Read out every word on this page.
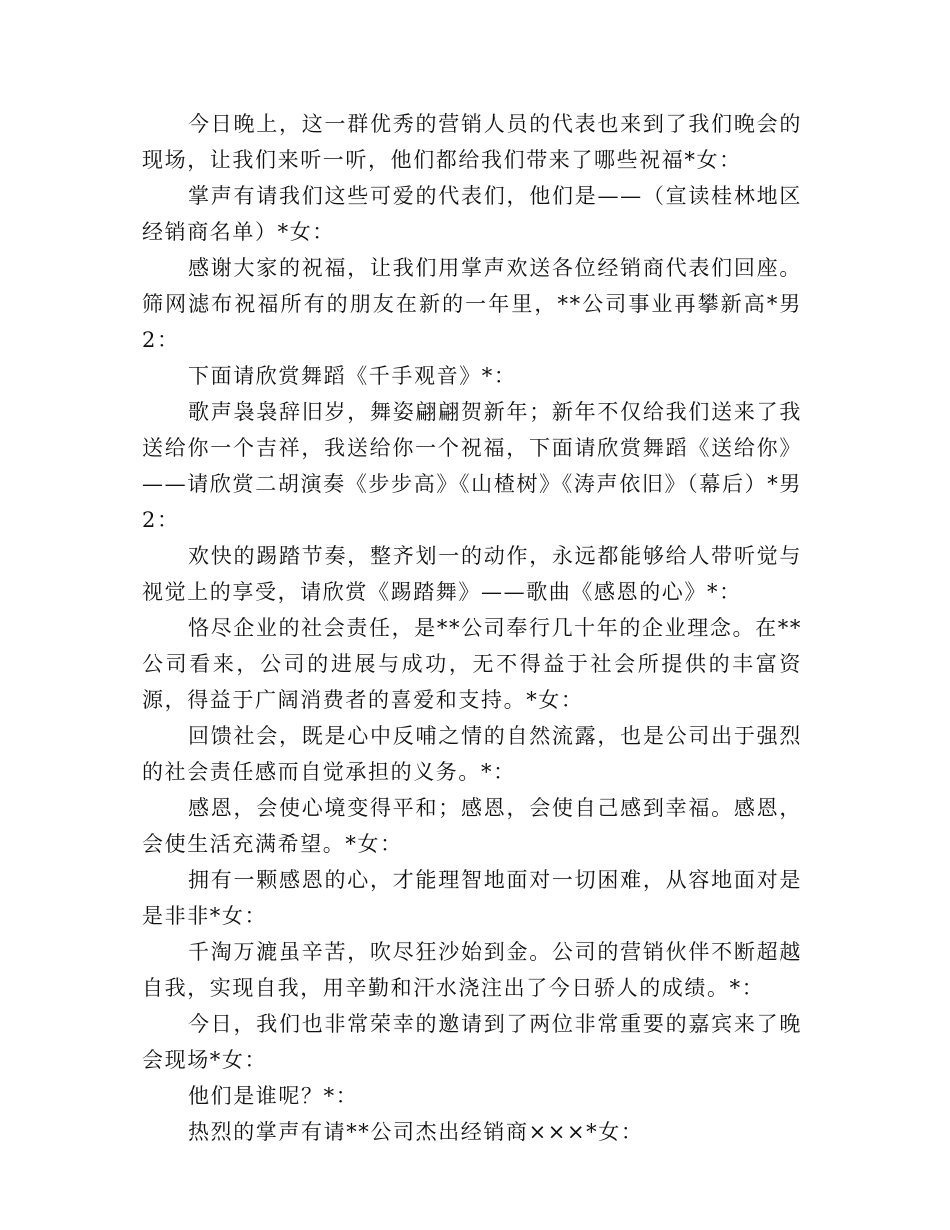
今日晚上，这一群优秀的营销人员的代表也来到了我们晚会的现场，让我们来听一听，他们都给我们带来了哪些祝福*女：

掌声有请我们这些可爱的代表们，他们是——（宣读桂林地区经销商名单）*女：

感谢大家的祝福，让我们用掌声欢送各位经销商代表们回座。筛网滤布祝福所有的朋友在新的一年里，**公司事业再攀新高*男2：

下面请欣赏舞蹈《千手观音》*：

歌声袅袅辞旧岁，舞姿翩翩贺新年；新年不仅给我们送来了我送给你一个吉祥，我送给你一个祝福，下面请欣赏舞蹈《送给你》——请欣赏二胡演奏《步步高》《山楂树》《涛声依旧》（幕后）*男2：

欢快的踢踏节奏，整齐划一的动作，永远都能够给人带听觉与视觉上的享受，请欣赏《踢踏舞》——歌曲《感恩的心》*：

恪尽企业的社会责任，是**公司奉行几十年的企业理念。在**公司看来，公司的进展与成功，无不得益于社会所提供的丰富资源，得益于广阔消费者的喜爱和支持。*女：

回馈社会，既是心中反哺之情的自然流露，也是公司出于强烈的社会责任感而自觉承担的义务。*：

感恩，会使心境变得平和；感恩，会使自己感到幸福。感恩，会使生活充满希望。*女：

拥有一颗感恩的心，才能理智地面对一切困难，从容地面对是是非非*女：

千淘万漉虽辛苦，吹尽狂沙始到金。公司的营销伙伴不断超越自我，实现自我，用辛勤和汗水浇注出了今日骄人的成绩。*：

今日，我们也非常荣幸的邀请到了两位非常重要的嘉宾来了晚会现场*女：

他们是谁呢？*：

热烈的掌声有请**公司杰出经销商×××*女：
